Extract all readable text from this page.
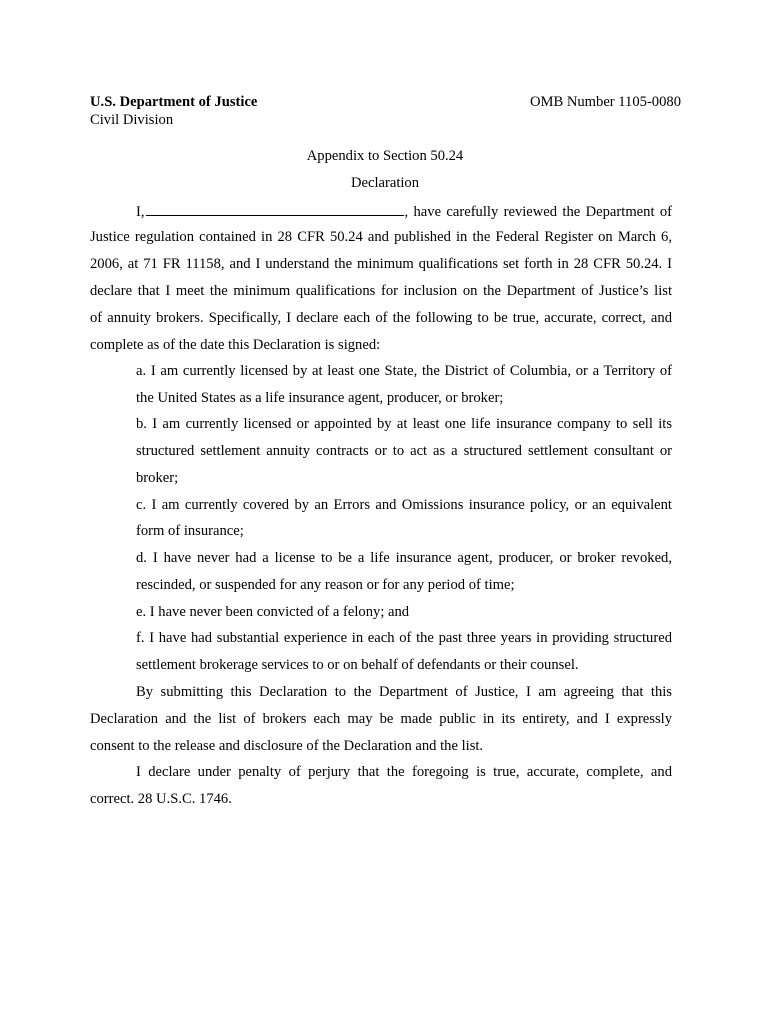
U.S. Department of Justice
Civil Division
OMB Number 1105-0080
Appendix to Section 50.24
Declaration
I,	, have carefully reviewed the Department of
Justice regulation contained in 28 CFR 50.24 and published in the Federal Register on March 6,
2006, at 71 FR 11158, and I understand the minimum qualifications set forth in 28 CFR 50.24. I
declare that I meet the minimum qualifications for inclusion on the Department of Justice’s list
of annuity brokers. Specifically, I declare each of the following to be true, accurate, correct, and
complete as of the date this Declaration is signed:
a. I am currently licensed by at least one State, the District of Columbia, or a Territory of
the United States as a life insurance agent, producer, or broker;
b. I am currently licensed or appointed by at least one life insurance company to sell its
structured settlement annuity contracts or to act as a structured settlement consultant or
broker;
c. I am currently covered by an Errors and Omissions insurance policy, or an equivalent
form of insurance;
d. I have never had a license to be a life insurance agent, producer, or broker revoked,
rescinded, or suspended for any reason or for any period of time;
e. I have never been convicted of a felony; and
f. I have had substantial experience in each of the past three years in providing structured
settlement brokerage services to or on behalf of defendants or their counsel.
By submitting this Declaration to the Department of Justice, I am agreeing that this
Declaration and the list of brokers each may be made public in its entirety, and I expressly
consent to the release and disclosure of the Declaration and the list.
I declare under penalty of perjury that the foregoing is true, accurate, complete, and
correct. 28 U.S.C. 1746.
